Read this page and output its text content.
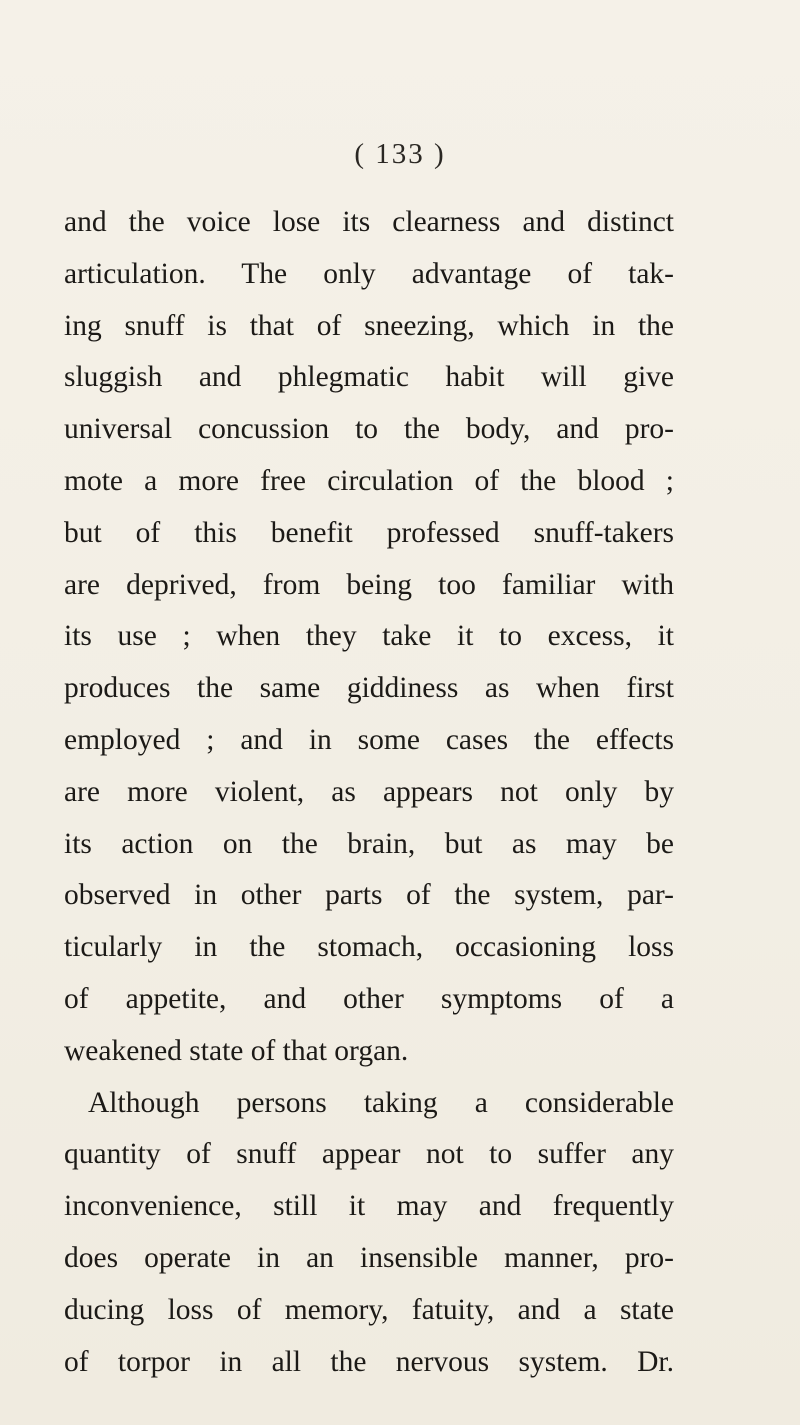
( 133 )
and the voice lose its clearness and distinct
articulation. The only advantage of tak-
ing snuff is that of sneezing, which in the
sluggish and phlegmatic habit will give
universal concussion to the body, and pro-
mote a more free circulation of the blood ;
but of this benefit professed snuff-takers
are deprived, from being too familiar with
its use ; when they take it to excess, it
produces the same giddiness as when first
employed ; and in some cases the effects
are more violent, as appears not only by
its action on the brain, but as may be
observed in other parts of the system, par-
ticularly in the stomach, occasioning loss
of appetite, and other symptoms of a
weakened state of that organ.
Although persons taking a considerable
quantity of snuff appear not to suffer any
inconvenience, still it may and frequently
does operate in an insensible manner, pro-
ducing loss of memory, fatuity, and a state
of torpor in all the nervous system. Dr.
